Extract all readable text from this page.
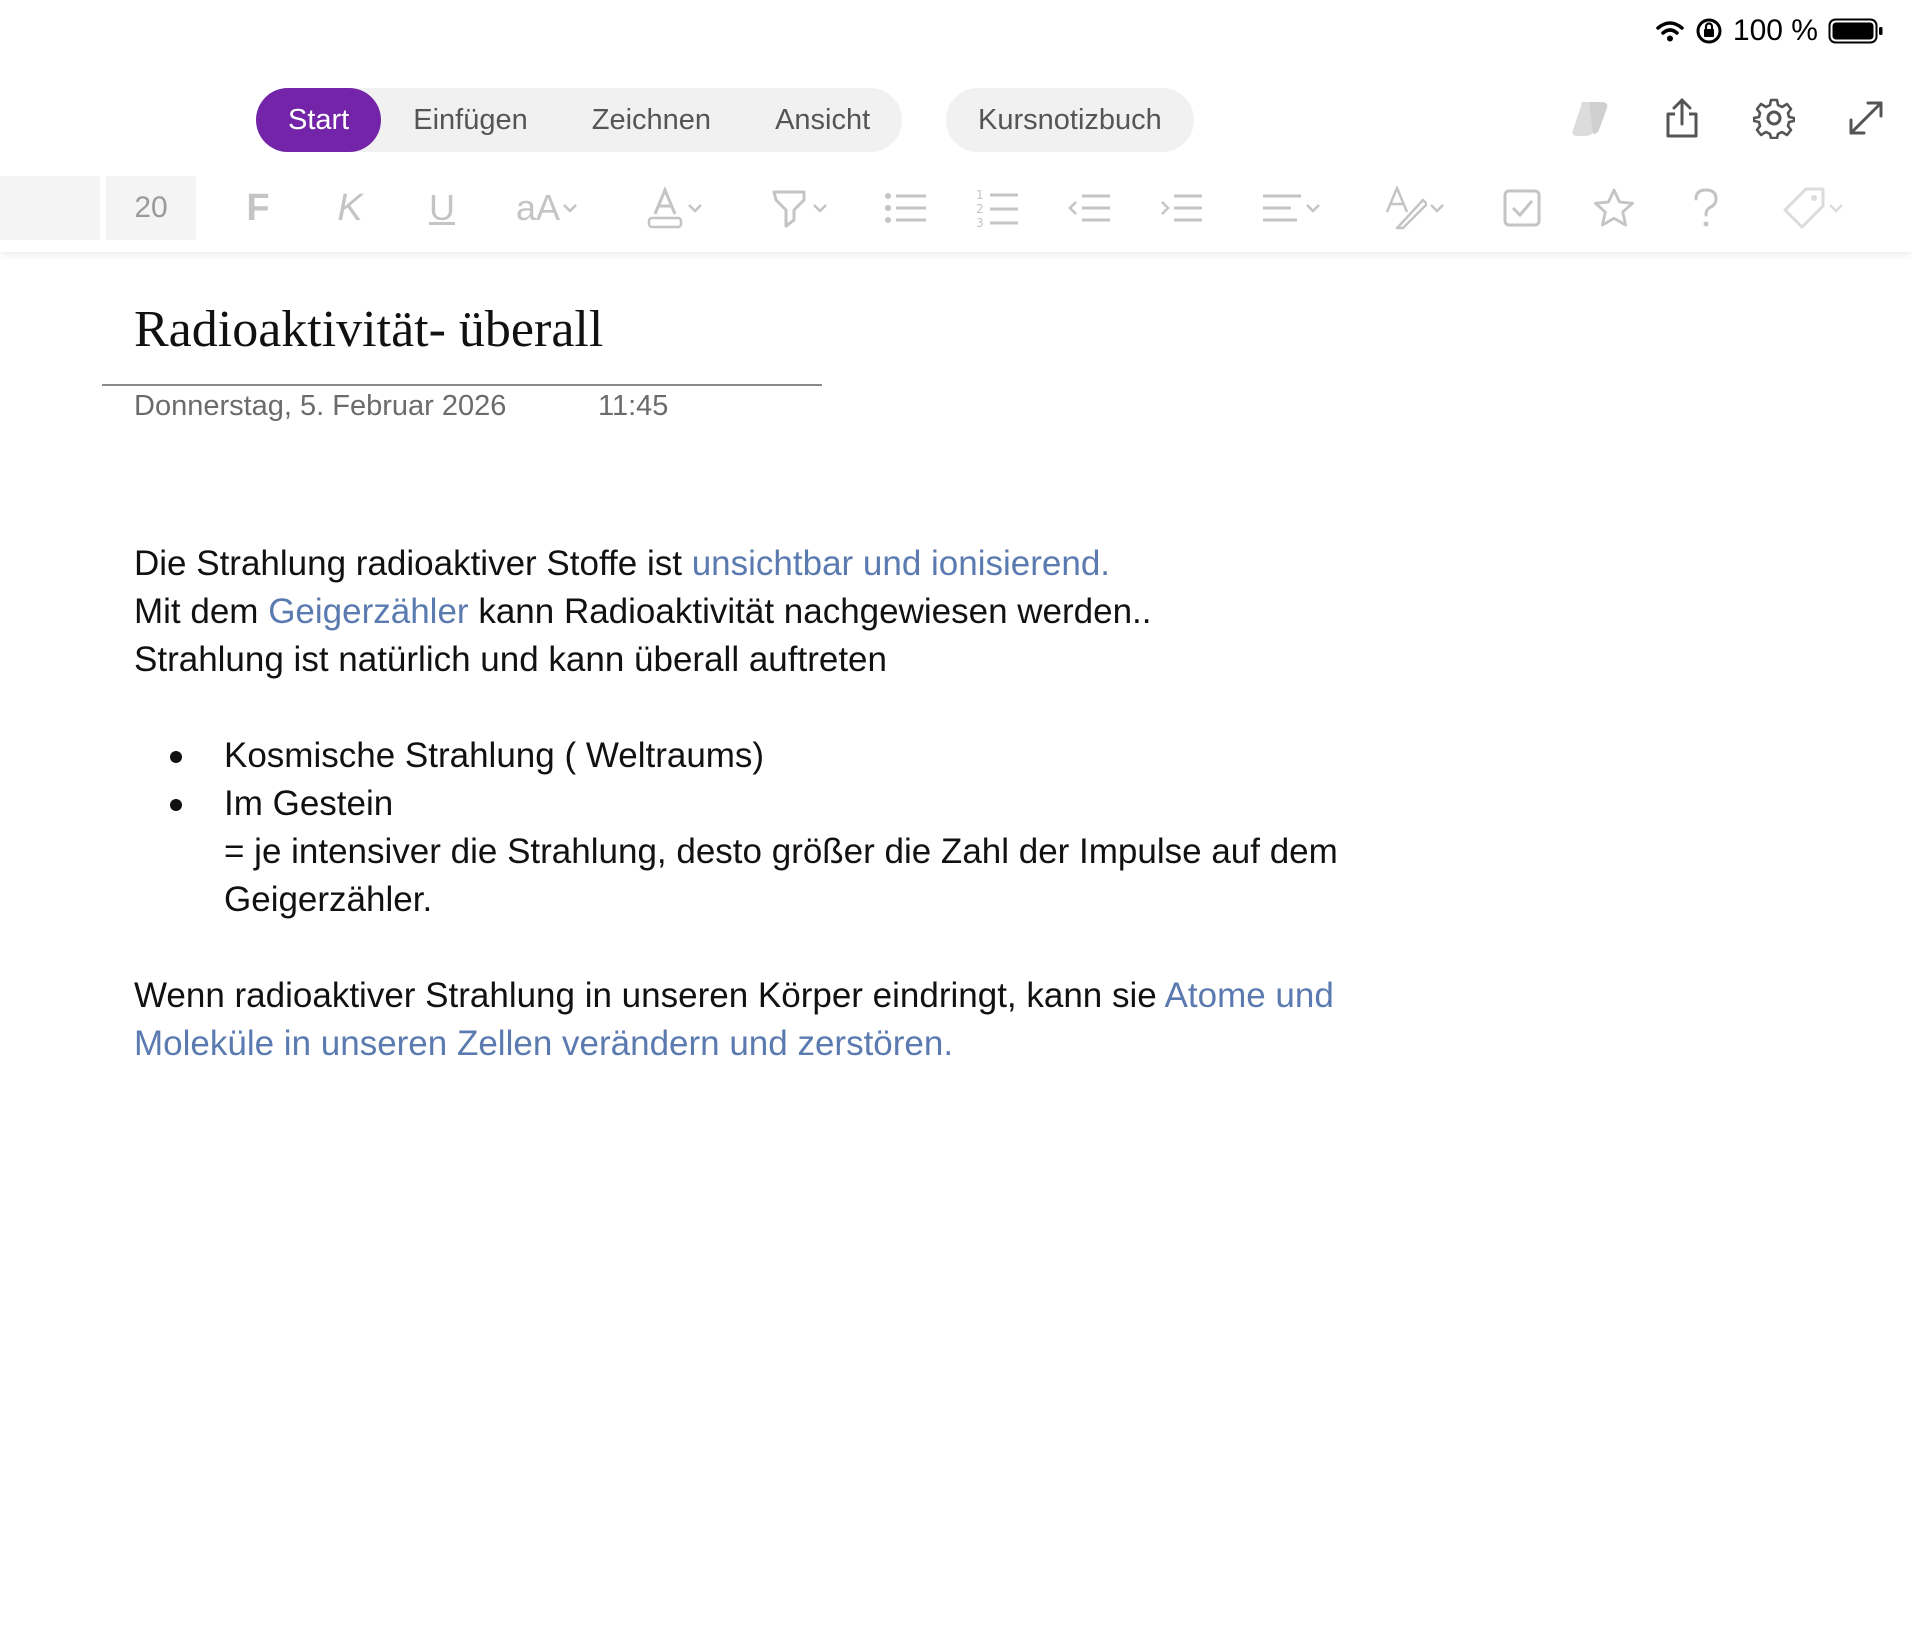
100 %
Start	Einfügen	Zeichnen	Ansicht	Kursnotizbuch
20	F K U aA	1
2
3
Radioaktivität- überall
Donnerstag, 5. Februar 2026	11:45

Die Strahlung radioaktiver Stoffe ist unsichtbar und ionisierend.

Mit dem Geigerzähler kann Radioaktivität nachgewiesen werden..

Strahlung ist natürlich und kann überall auftreten

Kosmische Strahlung ( Weltraums)
Im Gestein

= je intensiver die Strahlung, desto größer die Zahl der Impulse auf dem Geigerzähler.

Wenn radioaktiver Strahlung in unseren Körper eindringt, kann sie Atome und Moleküle in unseren Zellen verändern und zerstören.
